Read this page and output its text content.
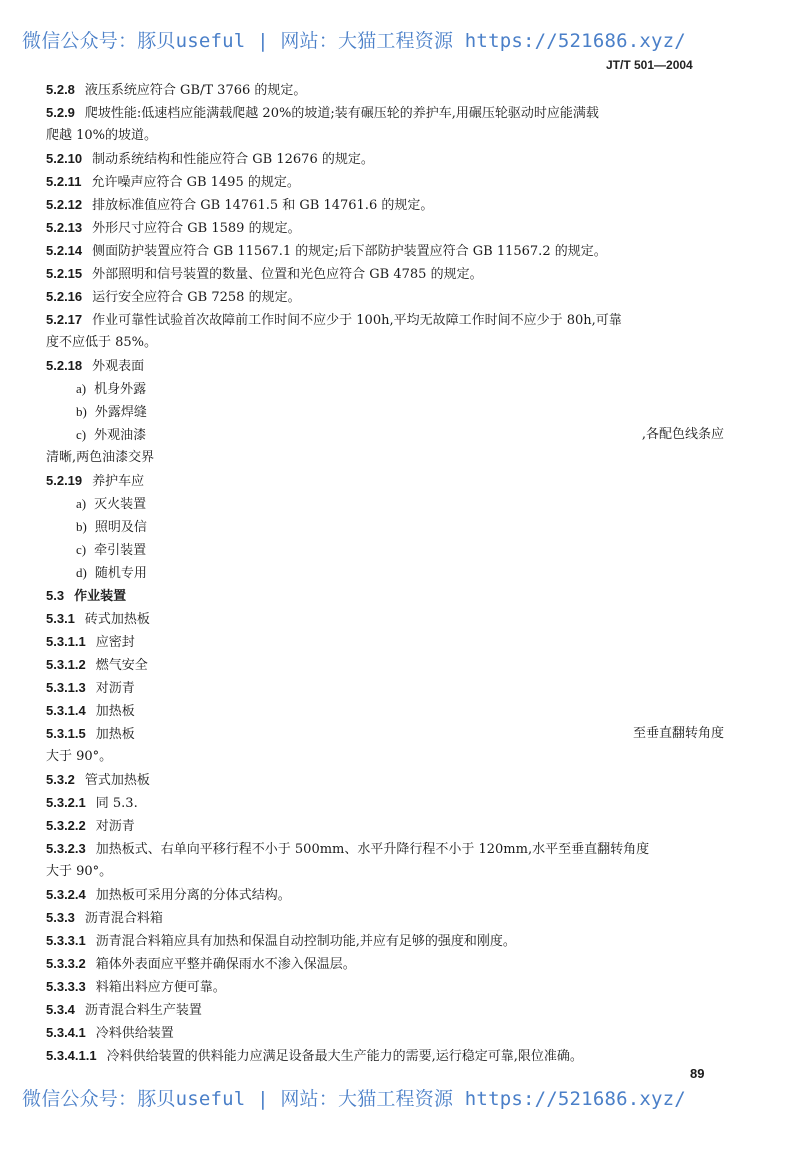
微信公众号：豚贝useful | 网站：大猫工程资源 https://521686.xyz/
JT/T 501—2004
5.2.8 液压系统应符合 GB/T 3766 的规定。
5.2.9 爬坡性能:低速档应能满载爬越 20%的坡道;装有碾压轮的养护车,用碾压轮驱动时应能满载
爬越 10%的坡道。
5.2.10 制动系统结构和性能应符合 GB 12676 的规定。
5.2.11 允许噪声应符合 GB 1495 的规定。
5.2.12 排放标准值应符合 GB 14761.5 和 GB 14761.6 的规定。
5.2.13 外形尺寸应符合 GB 1589 的规定。
5.2.14 侧面防护装置应符合 GB 11567.1 的规定;后下部防护装置应符合 GB 11567.2 的规定。
5.2.15 外部照明和信号装置的数量、位置和光色应符合 GB 4785 的规定。
5.2.16 运行安全应符合 GB 7258 的规定。
5.2.17 作业可靠性试验首次故障前工作时间不应少于 100h,平均无故障工作时间不应少于 80h,可靠
度不应低于 85%。
5.2.18 外观表面
a) 机身外露
b) 外露焊缝
c) 外观油漆	,各配色线条应
清晰,两色油漆交界
5.2.19 养护车应
a) 灭火装置
b) 照明及信
c) 牵引装置
d) 随机专用
5.3 作业装置
5.3.1 砖式加热板
5.3.1.1 应密封
5.3.1.2 燃气安全
5.3.1.3 对沥青
5.3.1.4 加热板
5.3.1.5 加热板	至垂直翻转角度
大于 90°。
5.3.2 管式加热板
5.3.2.1 同 5.3.
5.3.2.2 对沥青
5.3.2.3 加热板式、右单向平移行程不小于 500mm、水平升降行程不小于 120mm,水平至垂直翻转角度
大于 90°。
5.3.2.4 加热板可采用分离的分体式结构。
5.3.3 沥青混合料箱
5.3.3.1 沥青混合料箱应具有加热和保温自动控制功能,并应有足够的强度和刚度。
5.3.3.2 箱体外表面应平整并确保雨水不渗入保温层。
5.3.3.3 料箱出料应方便可靠。
5.3.4 沥青混合料生产装置
5.3.4.1 冷料供给装置
5.3.4.1.1 冷料供给装置的供料能力应满足设备最大生产能力的需要,运行稳定可靠,限位准确。
89
微信公众号：豚贝useful | 网站：大猫工程资源 https://521686.xyz/
